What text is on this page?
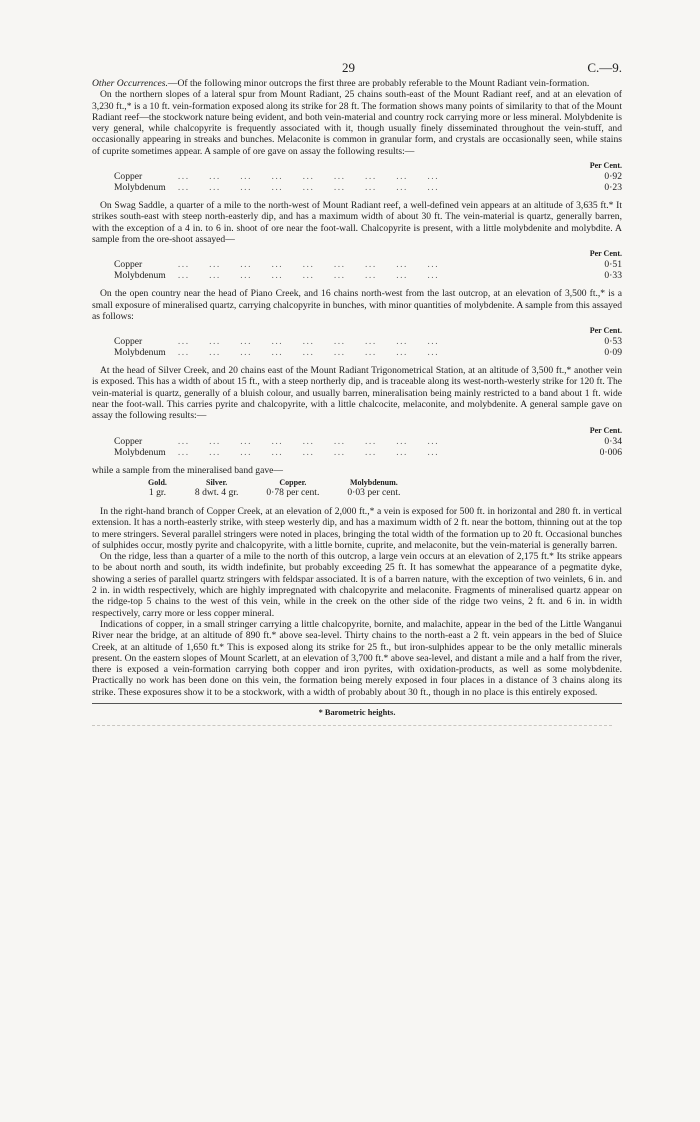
29	C.—9.

Other Occurrences.—Of the following minor outcrops the first three are probably referable to the Mount Radiant vein-formation.

On the northern slopes of a lateral spur from Mount Radiant, 25 chains south-east of the Mount Radiant reef, and at an elevation of 3,230 ft.,* is a 10 ft. vein-formation exposed along its strike for 28 ft. The formation shows many points of similarity to that of the Mount Radiant reef—the stockwork nature being evident, and both vein-material and country rock carrying more or less mineral. Molybdenite is very general, while chalcopyrite is frequently associated with it, though usually finely disseminated throughout the vein-stuff, and occasionally appearing in streaks and bunches. Melaconite is common in granular form, and crystals are occasionally seen, while stains of cuprite sometimes appear. A sample of ore gave on assay the following results:—

Per Cent.		
Copper	...     ...     ...     ...     ...     ...     ...     ...     ...	0·92
Molybdenum	...     ...     ...     ...     ...     ...     ...     ...     ...	0·23

On Swag Saddle, a quarter of a mile to the north-west of Mount Radiant reef, a well-defined vein appears at an altitude of 3,635 ft.* It strikes south-east with steep north-easterly dip, and has a maximum width of about 30 ft. The vein-material is quartz, generally barren, with the exception of a 4 in. to 6 in. shoot of ore near the foot-wall. Chalcopyrite is present, with a little molybdenite and molybdite. A sample from the ore-shoot assayed—

Per Cent.		
Copper	...     ...     ...     ...     ...     ...     ...     ...     ...	0·51
Molybdenum	...     ...     ...     ...     ...     ...     ...     ...     ...	0·33

On the open country near the head of Piano Creek, and 16 chains north-west from the last outcrop, at an elevation of 3,500 ft.,* is a small exposure of mineralised quartz, carrying chalcopyrite in bunches, with minor quantities of molybdenite. A sample from this assayed as follows:

Per Cent.		
Copper	...     ...     ...     ...     ...     ...     ...     ...     ...	0·53
Molybdenum	...     ...     ...     ...     ...     ...     ...     ...     ...	0·09

At the head of Silver Creek, and 20 chains east of the Mount Radiant Trigonometrical Station, at an altitude of 3,500 ft.,* another vein is exposed. This has a width of about 15 ft., with a steep northerly dip, and is traceable along its west-north-westerly strike for 120 ft. The vein-material is quartz, generally of a bluish colour, and usually barren, mineralisation being mainly restricted to a band about 1 ft. wide near the foot-wall. This carries pyrite and chalcopyrite, with a little chalcocite, melaconite, and molybdenite. A general sample gave on assay the following results:—

Per Cent.		
Copper	...     ...     ...     ...     ...     ...     ...     ...     ...	0·34
Molybdenum	...     ...     ...     ...     ...     ...     ...     ...     ...	0·006

while a sample from the mineralised band gave—

Gold.	Silver.	Copper.	Molybdenum.
1 gr.	8 dwt. 4 gr.	0·78 per cent.	0·03 per cent.

In the right-hand branch of Copper Creek, at an elevation of 2,000 ft.,* a vein is exposed for 500 ft. in horizontal and 280 ft. in vertical extension. It has a north-easterly strike, with steep westerly dip, and has a maximum width of 2 ft. near the bottom, thinning out at the top to mere stringers. Several parallel stringers were noted in places, bringing the total width of the formation up to 20 ft. Occasional bunches of sulphides occur, mostly pyrite and chalcopyrite, with a little bornite, cuprite, and melaconite, but the vein-material is generally barren.

On the ridge, less than a quarter of a mile to the north of this outcrop, a large vein occurs at an elevation of 2,175 ft.* Its strike appears to be about north and south, its width indefinite, but probably exceeding 25 ft. It has somewhat the appearance of a pegmatite dyke, showing a series of parallel quartz stringers with feldspar associated. It is of a barren nature, with the exception of two veinlets, 6 in. and 2 in. in width respectively, which are highly impregnated with chalcopyrite and melaconite. Fragments of mineralised quartz appear on the ridge-top 5 chains to the west of this vein, while in the creek on the other side of the ridge two veins, 2 ft. and 6 in. in width respectively, carry more or less copper mineral.

Indications of copper, in a small stringer carrying a little chalcopyrite, bornite, and malachite, appear in the bed of the Little Wanganui River near the bridge, at an altitude of 890 ft.* above sea-level. Thirty chains to the north-east a 2 ft. vein appears in the bed of Sluice Creek, at an altitude of 1,650 ft.* This is exposed along its strike for 25 ft., but iron-sulphides appear to be the only metallic minerals present. On the eastern slopes of Mount Scarlett, at an elevation of 3,700 ft.* above sea-level, and distant a mile and a half from the river, there is exposed a vein-formation carrying both copper and iron pyrites, with oxidation-products, as well as some molybdenite. Practically no work has been done on this vein, the formation being merely exposed in four places in a distance of 3 chains along its strike. These exposures show it to be a stockwork, with a width of probably about 30 ft., though in no place is this entirely exposed.

* Barometric heights.
